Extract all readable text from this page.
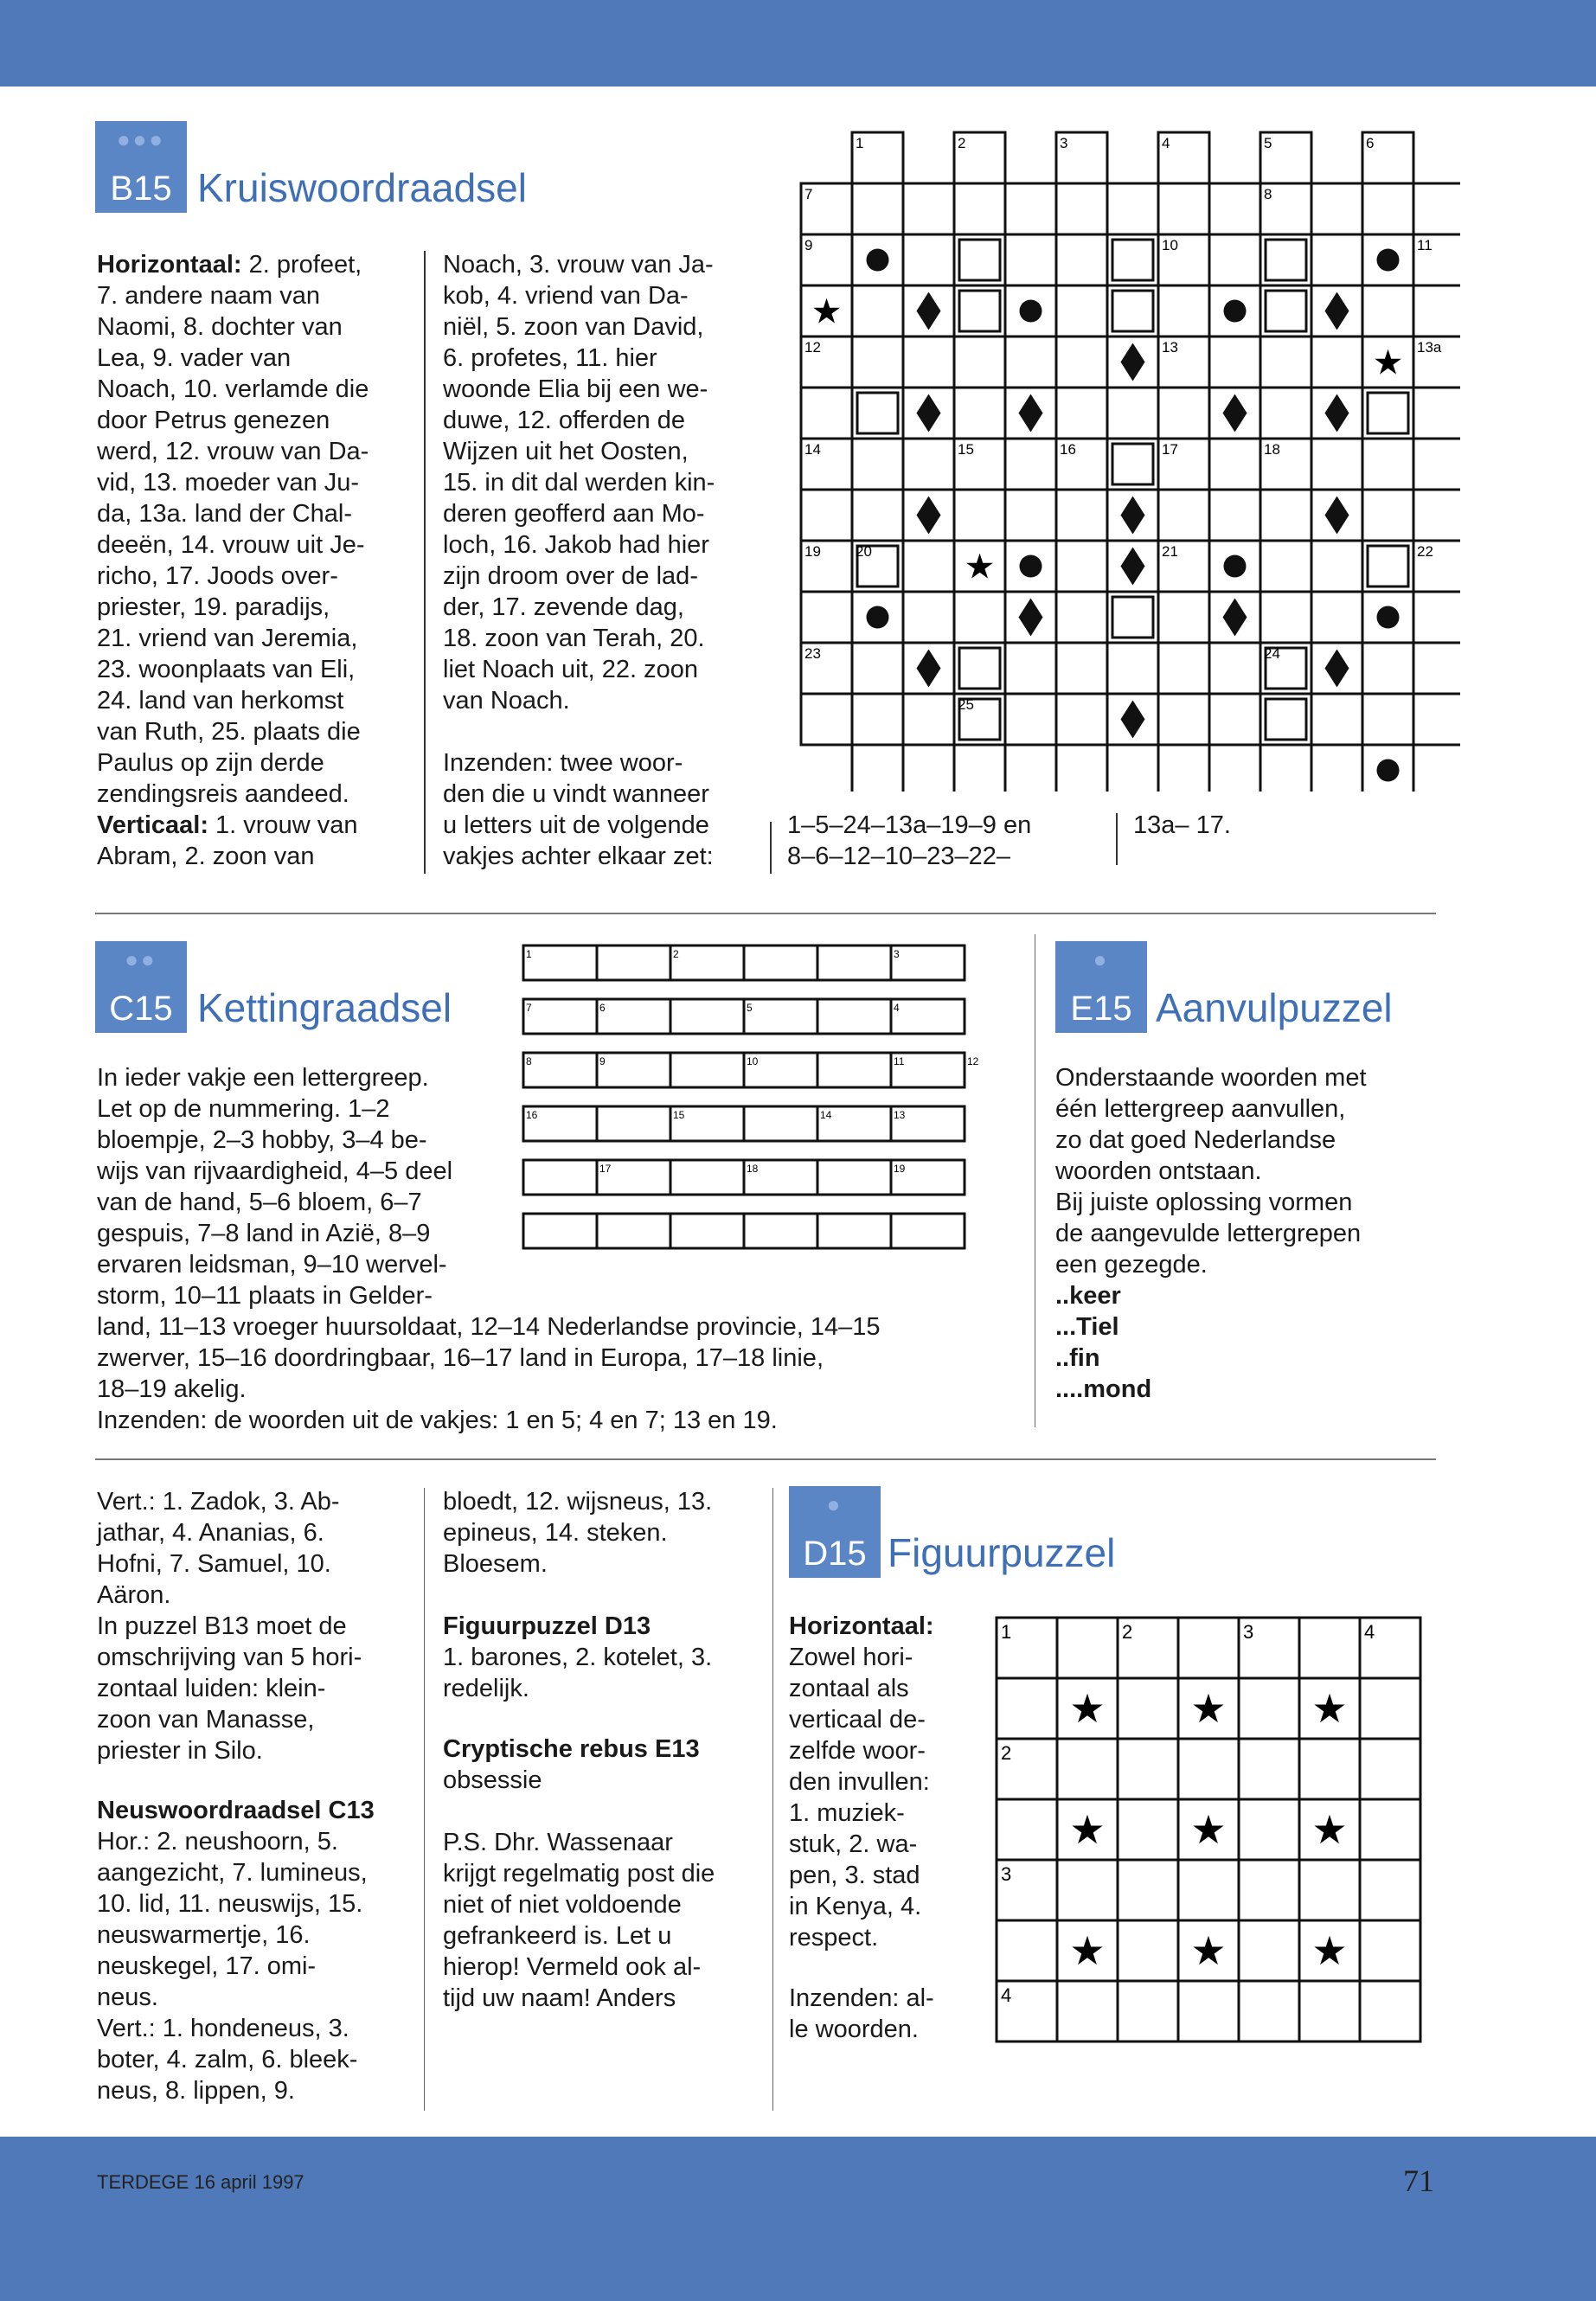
●●●
B15 Kruiswoordraadsel
Horizontaal: 2. profeet,
7. andere naam van
Naomi, 8. dochter van
Lea, 9. vader van
Noach, 10. verlamde die
door Petrus genezen
werd, 12. vrouw van Da-
vid, 13. moeder van Ju-
da, 13a. land der Chal-
deeën, 14. vrouw uit Je-
richo, 17. Joods over-
priester, 19. paradijs,
21. vriend van Jeremia,
23. woonplaats van Eli,
24. land van herkomst
van Ruth, 25. plaats die
Paulus op zijn derde
zendingsreis aandeed.
Verticaal: 1. vrouw van
Abram, 2. zoon van
Noach, 3. vrouw van Ja-
kob, 4. vriend van Da-
niël, 5. zoon van David,
6. profetes, 11. hier
woonde Elia bij een we-
duwe, 12. offerden de
Wijzen uit het Oosten,
15. in dit dal werden kin-
deren geofferd aan Mo-
loch, 16. Jakob had hier
zijn droom over de lad-
der, 17. zevende dag,
18. zoon van Terah, 20.
liet Noach uit, 22. zoon
van Noach.
Inzenden: twee woor-
den die u vindt wanneer
u letters uit de volgende
vakjes achter elkaar zet:
1–5–24–13a–19–9 en
8–6–12–10–23–22–
13a– 17.
★
★
★
1	2	3	4	5	6
7	8
9	10	11
12	13	13a
14	15	16	17	18
19 20	21	22
23	24
25
●●
C15 Kettingraadsel
In ieder vakje een lettergreep.
Let op de nummering. 1–2
bloempje, 2–3 hobby, 3–4 be-
wijs van rijvaardigheid, 4–5 deel
van de hand, 5–6 bloem, 6–7
gespuis, 7–8 land in Azië, 8–9
ervaren leidsman, 9–10 wervel-
storm, 10–11 plaats in Gelder-
land, 11–13 vroeger huursoldaat, 12–14 Nederlandse provincie, 14–15
zwerver, 15–16 doordringbaar, 16–17 land in Europa, 17–18 linie,
18–19 akelig.
Inzenden: de woorden uit de vakjes: 1 en 5; 4 en 7; 13 en 19.
1	2	3
7	6	5	4
8	9	10	11	12
16	15	14	13
17	18	19
●
E15 Aanvulpuzzel
Onderstaande woorden met
één lettergreep aanvullen,
zo dat goed Nederlandse
woorden ontstaan.
Bij juiste oplossing vormen
de aangevulde lettergrepen
een gezegde.
..keer
...Tiel
..fin
....mond
Vert.: 1. Zadok, 3. Ab-
jathar, 4. Ananias, 6.
Hofni, 7. Samuel, 10.
Aäron.
In puzzel B13 moet de
omschrijving van 5 hori-
zontaal luiden: klein-
zoon van Manasse,
priester in Silo.
Neuswoordraadsel C13
Hor.: 2. neushoorn, 5.
aangezicht, 7. lumineus,
10. lid, 11. neuswijs, 15.
neuswarmertje, 16.
neuskegel, 17. omi-
neus.
Vert.: 1. hondeneus, 3.
boter, 4. zalm, 6. bleek-
neus, 8. lippen, 9.
bloedt, 12. wijsneus, 13.
epineus, 14. steken.
Bloesem.
Figuurpuzzel D13
1. barones, 2. kotelet, 3.
redelijk.
Cryptische rebus E13
obsessie
P.S. Dhr. Wassenaar
krijgt regelmatig post die
niet of niet voldoende
gefrankeerd is. Let u
hierop! Vermeld ook al-
tijd uw naam! Anders
●
D15 Figuurpuzzel
Horizontaal:
Zowel hori-
zontaal als
verticaal de-
zelfde woor-
den invullen:
1. muziek-
stuk, 2. wa-
pen, 3. stad
in Kenya, 4.
respect.
Inzenden: al-
le woorden.
★ ★ ★
★ ★ ★
★ ★ ★
1	2
2
3
3
4
4
TERDEGE 16 april 1997	71
